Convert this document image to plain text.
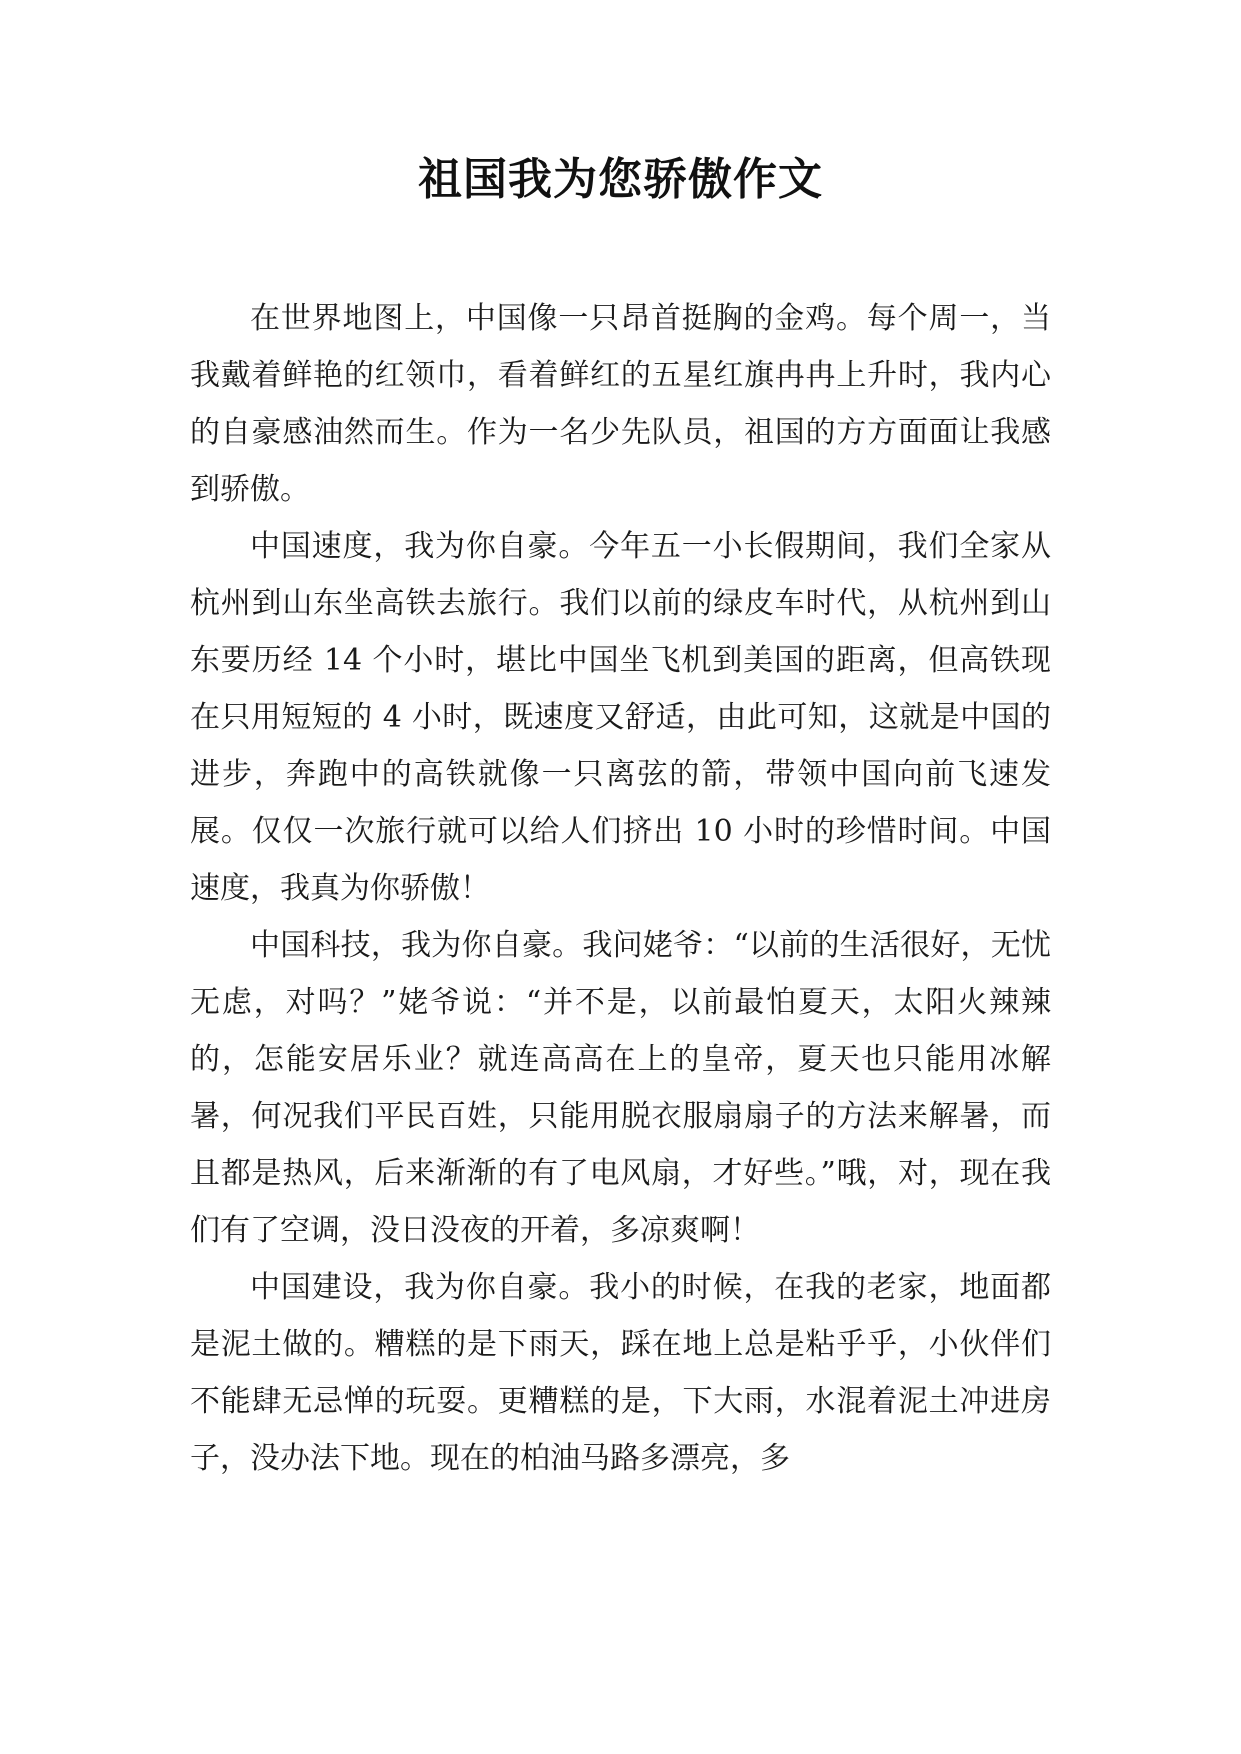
祖国我为您骄傲作文

在世界地图上，中国像一只昂首挺胸的金鸡。每个周一，当我戴着鲜艳的红领巾，看着鲜红的五星红旗冉冉上升时，我内心的自豪感油然而生。作为一名少先队员，祖国的方方面面让我感到骄傲。

中国速度，我为你自豪。今年五一小长假期间，我们全家从杭州到山东坐高铁去旅行。我们以前的绿皮车时代，从杭州到山东要历经 14 个小时，堪比中国坐飞机到美国的距离，但高铁现在只用短短的 4 小时，既速度又舒适，由此可知，这就是中国的进步，奔跑中的高铁就像一只离弦的箭，带领中国向前飞速发展。仅仅一次旅行就可以给人们挤出 10 小时的珍惜时间。中国速度，我真为你骄傲！

中国科技，我为你自豪。我问姥爷：“以前的生活很好，无忧无虑，对吗？”姥爷说：“并不是，以前最怕夏天，太阳火辣辣的，怎能安居乐业？就连高高在上的皇帝，夏天也只能用冰解暑，何况我们平民百姓，只能用脱衣服扇扇子的方法来解暑，而且都是热风，后来渐渐的有了电风扇，才好些。”哦，对，现在我们有了空调，没日没夜的开着，多凉爽啊！

中国建设，我为你自豪。我小的时候，在我的老家，地面都是泥土做的。糟糕的是下雨天，踩在地上总是粘乎乎，小伙伴们不能肆无忌惮的玩耍。更糟糕的是，下大雨，水混着泥土冲进房子，没办法下地。现在的柏油马路多漂亮，多
